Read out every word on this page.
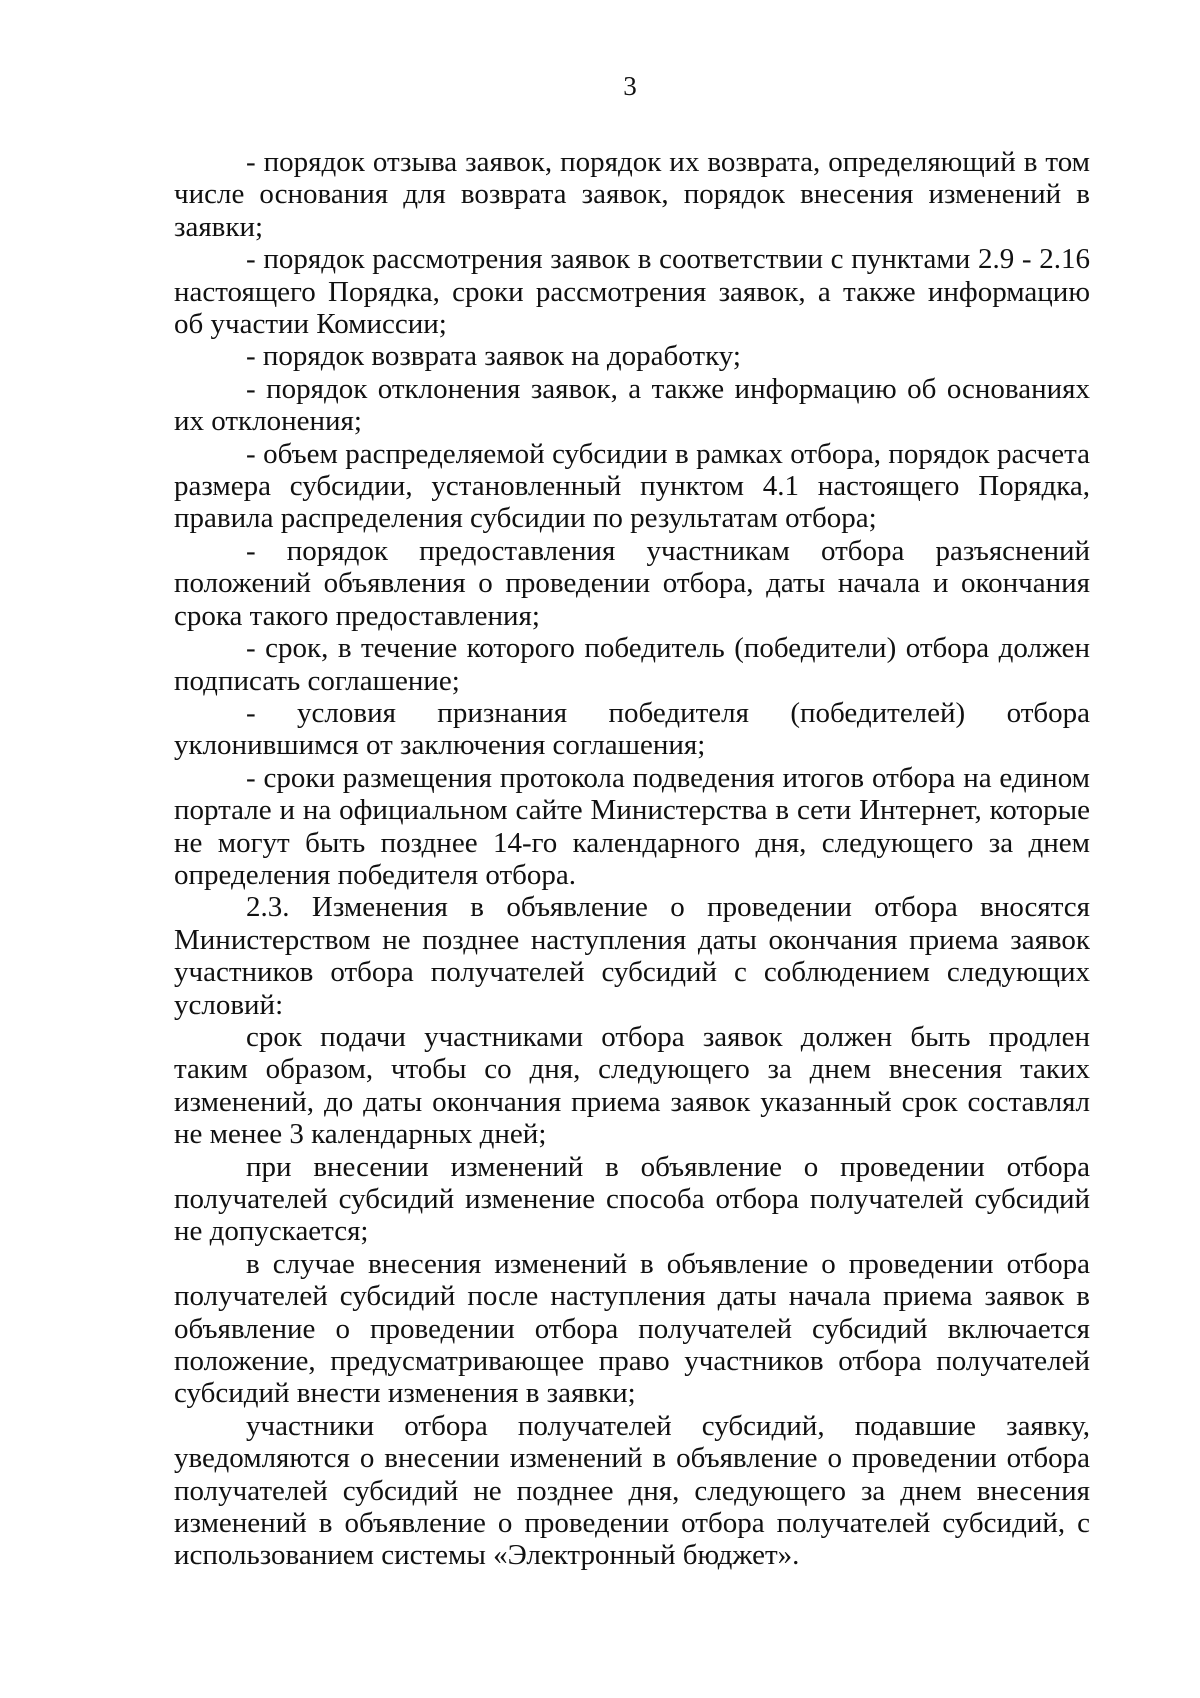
3

- порядок отзыва заявок, порядок их возврата, определяющий в том числе основания для возврата заявок, порядок внесения изменений в заявки;

- порядок рассмотрения заявок в соответствии с пунктами 2.9 - 2.16 настоящего Порядка, сроки рассмотрения заявок, а также информацию об участии Комиссии;

- порядок возврата заявок на доработку;

- порядок отклонения заявок, а также информацию об основаниях их отклонения;

- объем распределяемой субсидии в рамках отбора, порядок расчета размера субсидии, установленный пунктом 4.1 настоящего Порядка, правила распределения субсидии по результатам отбора;

- порядок предоставления участникам отбора разъяснений положений объявления о проведении отбора, даты начала и окончания срока такого предоставления;

- срок, в течение которого победитель (победители) отбора должен подписать соглашение;

- условия признания победителя (победителей) отбора уклонившимся от заключения соглашения;

- сроки размещения протокола подведения итогов отбора на едином портале и на официальном сайте Министерства в сети Интернет, которые не могут быть позднее 14-го календарного дня, следующего за днем определения победителя отбора.

2.3. Изменения в объявление о проведении отбора вносятся Министерством не позднее наступления даты окончания приема заявок участников отбора получателей субсидий с соблюдением следующих условий:

срок подачи участниками отбора заявок должен быть продлен таким образом, чтобы со дня, следующего за днем внесения таких изменений, до даты окончания приема заявок указанный срок составлял не менее 3 календарных дней;

при внесении изменений в объявление о проведении отбора получателей субсидий изменение способа отбора получателей субсидий не допускается;

в случае внесения изменений в объявление о проведении отбора получателей субсидий после наступления даты начала приема заявок в объявление о проведении отбора получателей субсидий включается положение, предусматривающее право участников отбора получателей субсидий внести изменения в заявки;

участники отбора получателей субсидий, подавшие заявку, уведомляются о внесении изменений в объявление о проведении отбора получателей субсидий не позднее дня, следующего за днем внесения изменений в объявление о проведении отбора получателей субсидий, с использованием системы «Электронный бюджет».
